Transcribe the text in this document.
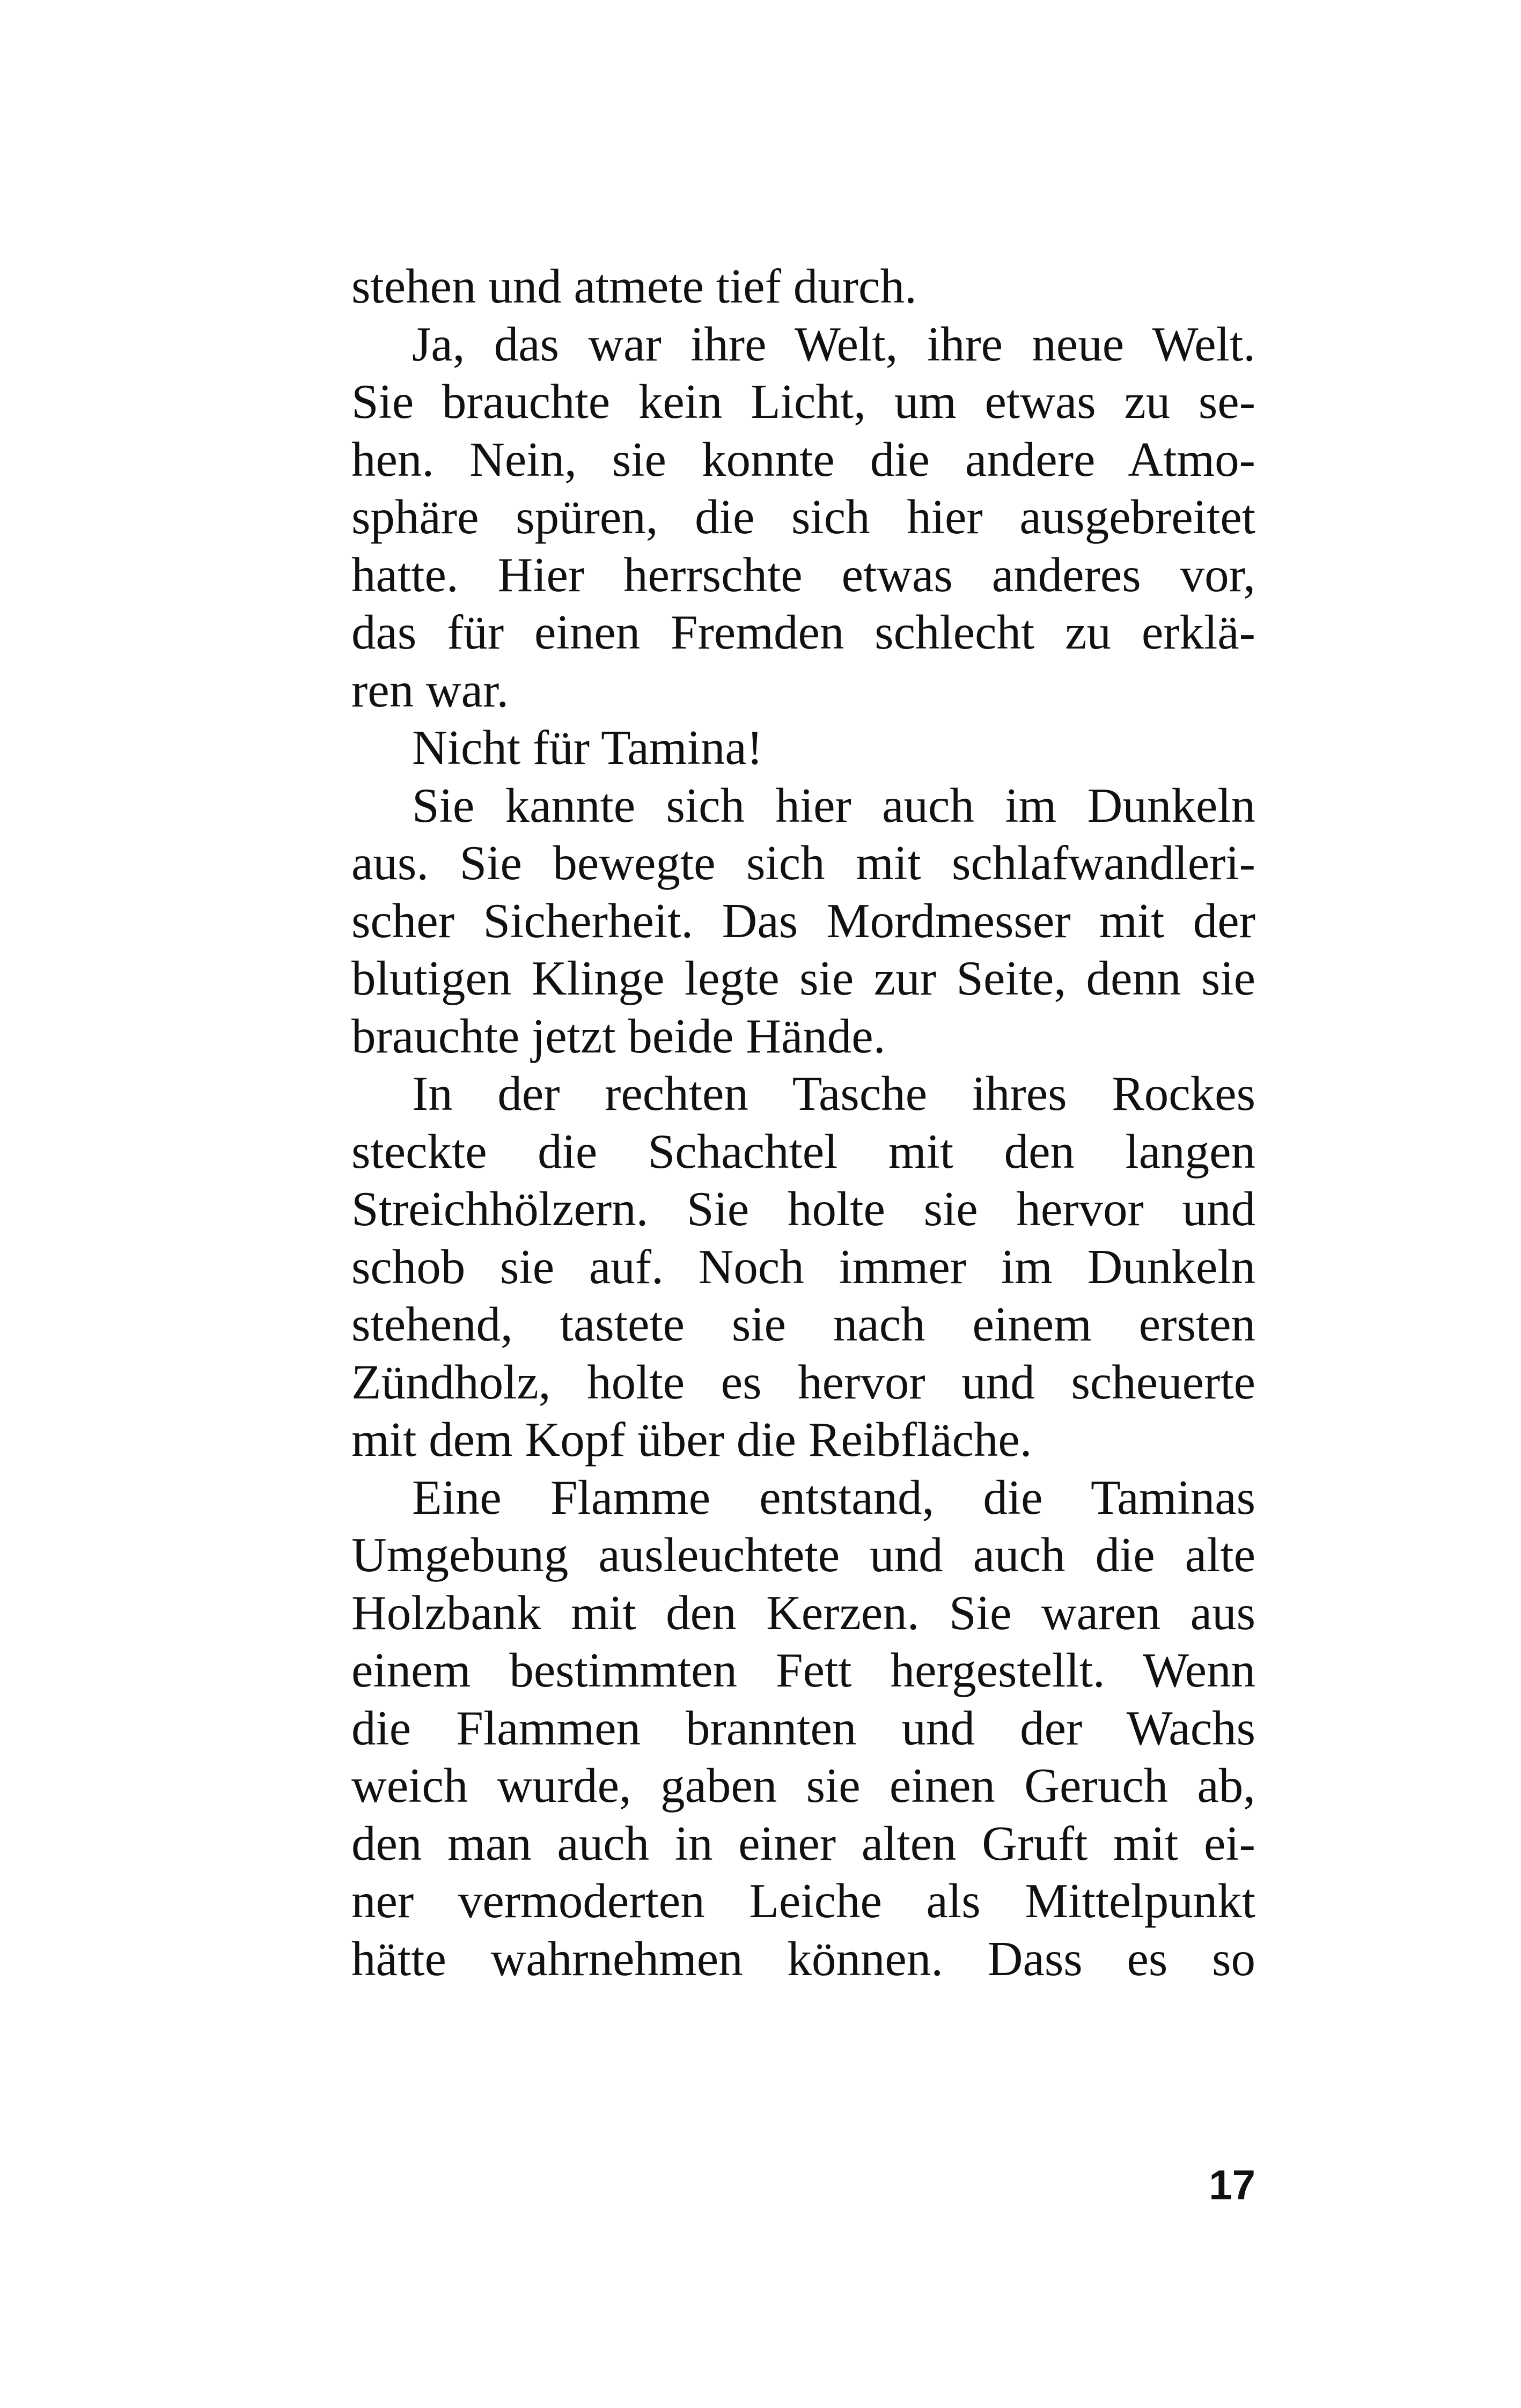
stehen und atmete tief durch.
Ja, das war ihre Welt, ihre neue Welt.
Sie brauchte kein Licht, um etwas zu se-
hen. Nein, sie konnte die andere Atmo-
sphäre spüren, die sich hier ausgebreitet
hatte. Hier herrschte etwas anderes vor,
das für einen Fremden schlecht zu erklä-
ren war.
Nicht für Tamina!
Sie kannte sich hier auch im Dunkeln
aus. Sie bewegte sich mit schlafwandleri-
scher Sicherheit. Das Mordmesser mit der
blutigen Klinge legte sie zur Seite, denn sie
brauchte jetzt beide Hände.
In der rechten Tasche ihres Rockes
steckte die Schachtel mit den langen
Streichhölzern. Sie holte sie hervor und
schob sie auf. Noch immer im Dunkeln
stehend, tastete sie nach einem ersten
Zündholz, holte es hervor und scheuerte
mit dem Kopf über die Reibfläche.
Eine Flamme entstand, die Taminas
Umgebung ausleuchtete und auch die alte
Holzbank mit den Kerzen. Sie waren aus
einem bestimmten Fett hergestellt. Wenn
die Flammen brannten und der Wachs
weich wurde, gaben sie einen Geruch ab,
den man auch in einer alten Gruft mit ei-
ner vermoderten Leiche als Mittelpunkt
hätte wahrnehmen können. Dass es so
17
